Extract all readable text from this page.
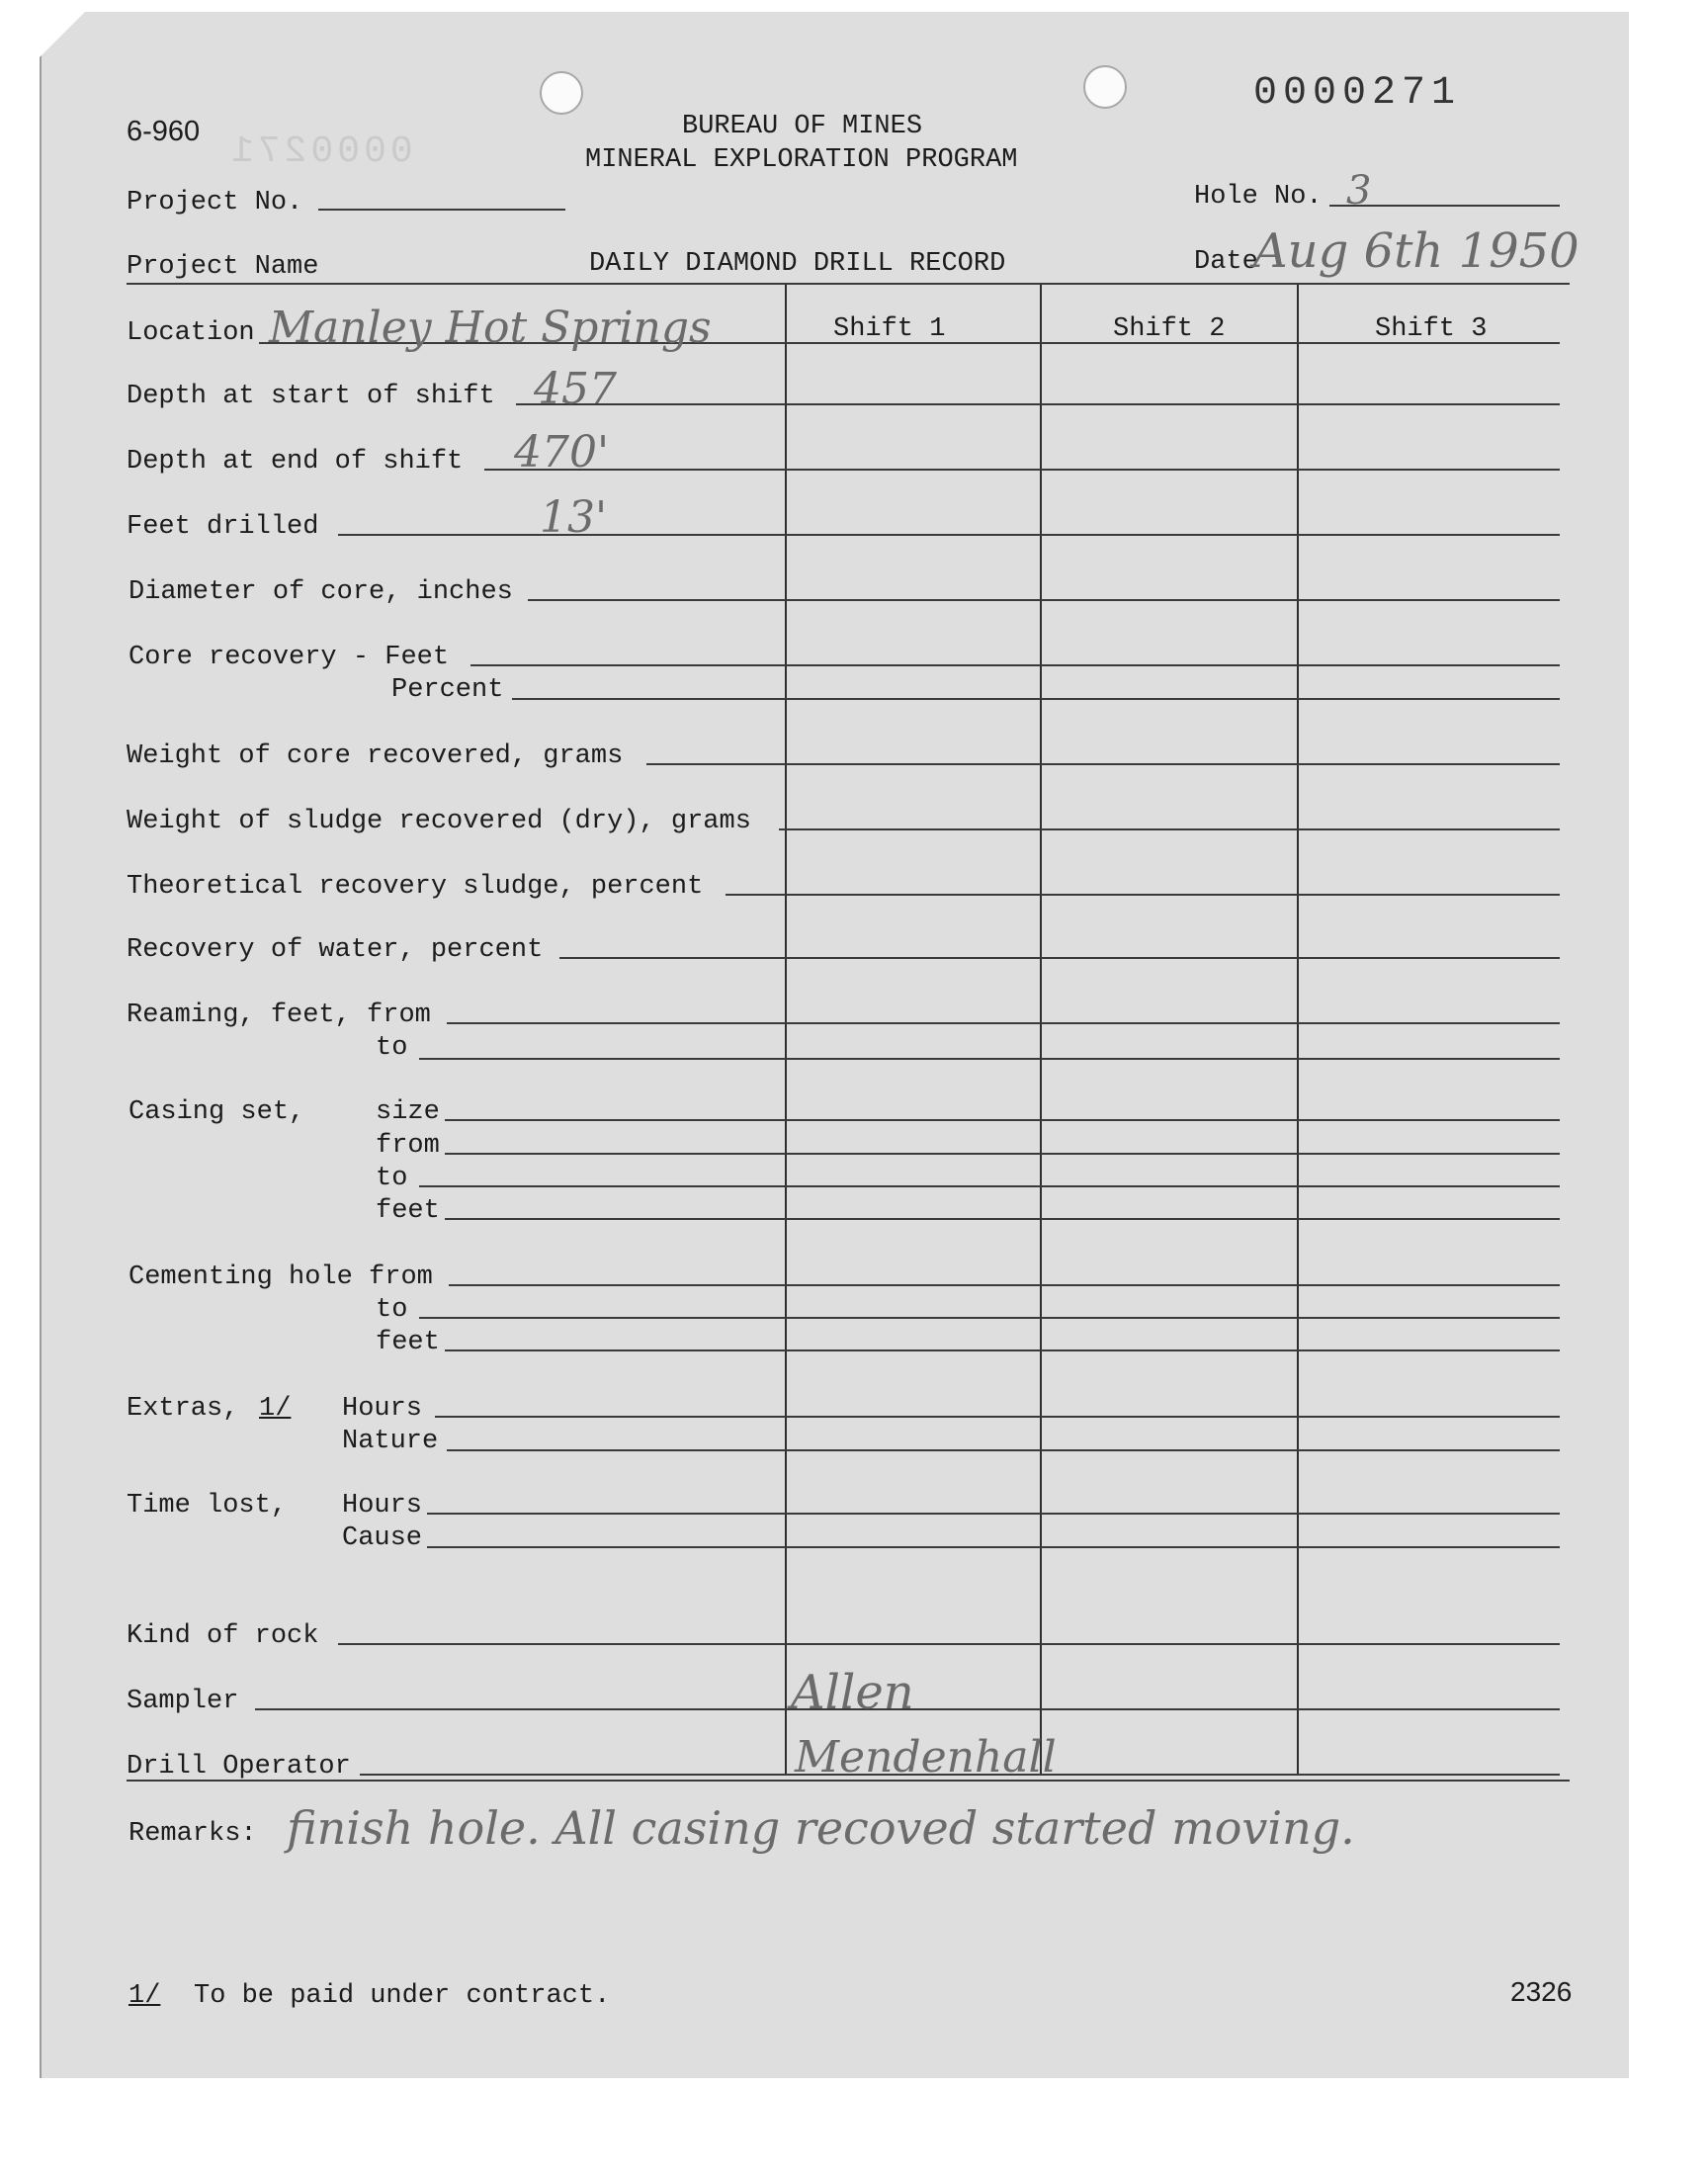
0000271
6-960
0000271
BUREAU OF MINES
MINERAL EXPLORATION PROGRAM
Project No.	Hole No. 3
Project Name	DAILY DIAMOND DRILL RECORD	Date
Aug 6th 1950
Shift 1	Shift 2	Shift 3
Location Manley Hot Springs
Depth at start of shift 457
Depth at end of shift 470'
Feet drilled	13'
Diameter of core, inches
Core recovery - Feet
Percent
Weight of core recovered, grams
Weight of sludge recovered (dry), grams
Theoretical recovery sludge, percent
Recovery of water, percent
Reaming, feet, from
to
Casing set,	size
from
to
feet
Cementing hole from
to
feet
Extras, 1/ Hours
Nature
Time lost, Hours
Cause
Kind of rock
Sampler	Allen
Drill Operator	Mendenhall
Remarks: finish hole. All casing recoved started moving.
1/ To be paid under contract.	2326
